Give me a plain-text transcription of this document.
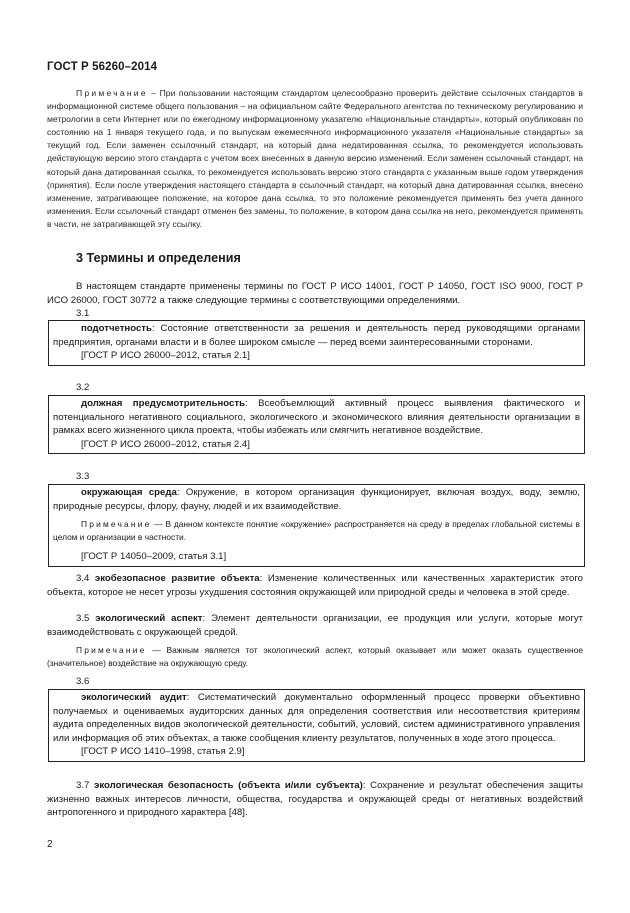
ГОСТ Р 56260–2014

Примечание – При пользовании настоящим стандартом целесообразно проверить действие ссылочных стандартов в информационной системе общего пользования – на официальном сайте Федерального агентства по техническому регулированию и метрологии в сети Интернет или по ежегодному информационному указателю «Национальные стандарты», который опубликован по состоянию на 1 января текущего года, и по выпускам ежемесячного информационного указателя «Национальные стандарты» за текущий год. Если заменен ссылочный стандарт, на который дана недатированная ссылка, то рекомендуется использовать действующую версию этого стандарта с учетом всех внесенных в данную версию изменений. Если заменен ссылочный стандарт, на который дана датированная ссылка, то рекомендуется использовать версию этого стандарта с указанным выше годом утверждения (принятия). Если после утверждения настоящего стандарта в ссылочный стандарт, на который дана датированная ссылка, внесено изменение, затрагивающее положение, на которое дана ссылка, то это положение рекомендуется применять без учета данного изменения. Если ссылочный стандарт отменен без замены, то положение, в котором дана ссылка на него, рекомендуется применять в части, не затрагивающей эту ссылку.

3 Термины и определения

В настоящем стандарте применены термины по ГОСТ Р ИСО 14001, ГОСТ Р 14050, ГОСТ ISO 9000, ГОСТ Р ИСО 26000, ГОСТ 30772 а также следующие термины с соответствующими определениями.

3.1

подотчетность: Состояние ответственности за решения и деятельность перед руководящими органами предприятия, органами власти и в более широком смысле — перед всеми заинтересованными сторонами.

[ГОСТ Р ИСО 26000–2012, статья 2.1]

3.2

должная предусмотрительность: Всеобъемлющий активный процесс выявления фактического и потенциального негативного социального, экологического и экономического влияния деятельности организации в рамках всего жизненного цикла проекта, чтобы избежать или смягчить негативное воздействие.

[ГОСТ Р ИСО 26000–2012, статья 2.4]

3.3

окружающая среда: Окружение, в котором организация функционирует, включая воздух, воду, землю, природные ресурсы, флору, фауну, людей и их взаимодействие.

Примечание — В данном контексте понятие «окружение» распространяется на среду в пределах глобальной системы в целом и организации в частности.

[ГОСТ Р 14050–2009, статья 3.1]

3.4 экобезопасное развитие объекта: Изменение количественных или качественных характеристик этого объекта, которое не несет угрозы ухудшения состояния окружающей или природной среды и человека в этой среде.

3.5 экологический аспект: Элемент деятельности организации, ее продукция или услуги, которые могут взаимодействовать с окружающей средой.

Примечание — Важным является тот экологический аспект, который оказывает или может оказать существенное (значительное) воздействие на окружающую среду.

3.6

экологический аудит: Систематический документально оформленный процесс проверки объективно получаемых и оцениваемых аудиторских данных для определения соответствия или несоответствия критериям аудита определенных видов экологической деятельности, событий, условий, систем административного управления или информация об этих объектах, а также сообщения клиенту результатов, полученных в ходе этого процесса.

[ГОСТ Р ИСО 1410–1998, статья 2.9]

3.7 экологическая безопасность (объекта и/или субъекта): Сохранение и результат обеспечения защиты жизненно важных интересов личности, общества, государства и окружающей среды от негативных воздействий антропогенного и природного характера [48].

2
